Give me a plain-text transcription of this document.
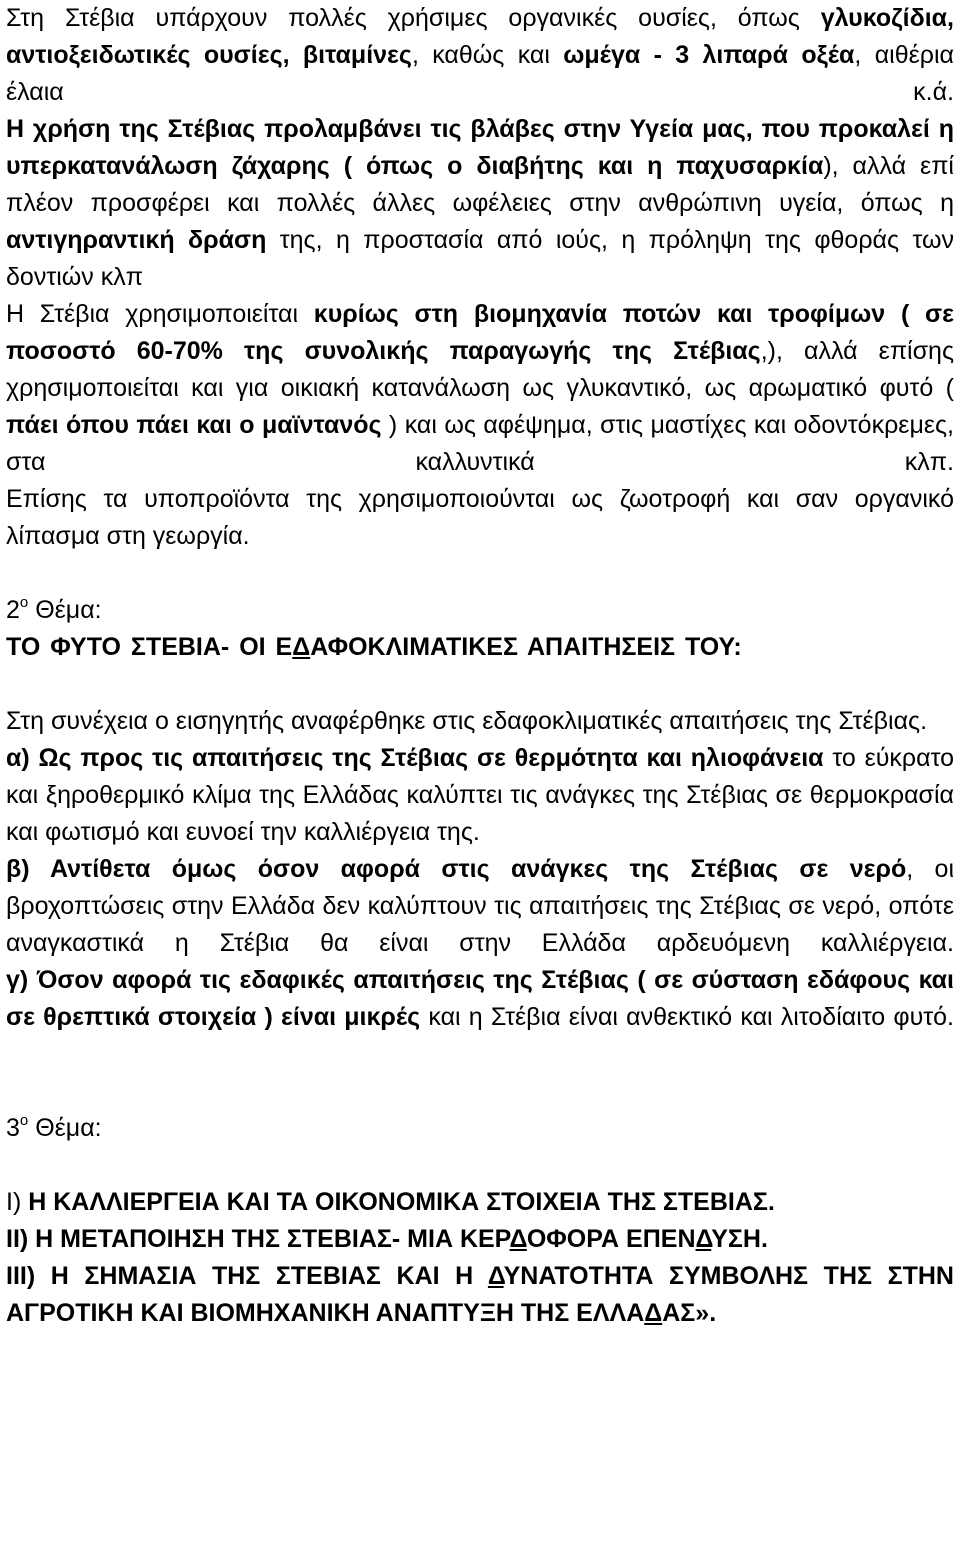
Στη Στέβια υπάρχουν πολλές χρήσιμες οργανικές ουσίες, όπως γλυκοζίδια, αντιοξειδωτικές ουσίες, βιταμίνες, καθώς και ωμέγα - 3 λιπαρά οξέα, αιθέρια έλαια κ.ά.

Η χρήση της Στέβιας προλαμβάνει τις βλάβες στην Υγεία μας, που προκαλεί η υπερκατανάλωση ζάχαρης ( όπως ο διαβήτης και η παχυσαρκία), αλλά επί πλέον προσφέρει και πολλές άλλες ωφέλειες στην ανθρώπινη υγεία, όπως η αντιγηραντική δράση της, η προστασία από ιούς, η πρόληψη της φθοράς των δοντιών κλπ

Η Στέβια χρησιμοποιείται κυρίως στη βιομηχανία ποτών και τροφίμων ( σε ποσοστό 60-70% της συνολικής παραγωγής της Στέβιας,), αλλά επίσης χρησιμοποιείται και για οικιακή κατανάλωση ως γλυκαντικό, ως αρωματικό φυτό ( πάει όπου πάει και ο μαϊντανός ) και ως αφέψημα, στις μαστίχες και οδοντόκρεμες, στα καλλυντικά κλπ.

Επίσης τα υποπροϊόντα της χρησιμοποιούνται ως ζωοτροφή και σαν οργανικό λίπασμα στη γεωργία.

$2^o$ Θέμα:

ΤΟ ΦΥΤΟ ΣΤΕΒΙΑ- ΟΙ ΕΔΑΦΟΚΛΙΜΑΤΙΚΕΣ ΑΠΑΙΤΗΣΕΙΣ ΤΟΥ:

Στη συνέχεια ο εισηγητής αναφέρθηκε στις εδαφοκλιματικές απαιτήσεις της Στέβιας.

α) Ως προς τις απαιτήσεις της Στέβιας σε θερμότητα και ηλιοφάνεια το εύκρατο και ξηροθερμικό κλίμα της Ελλάδας καλύπτει τις ανάγκες της Στέβιας σε θερμοκρασία και φωτισμό και ευνοεί την καλλιέργεια της.

β) Αντίθετα όμως όσον αφορά στις ανάγκες της Στέβιας σε νερό, οι βροχοπτώσεις στην Ελλάδα δεν καλύπτουν τις απαιτήσεις της Στέβιας σε νερό, οπότε αναγκαστικά η Στέβια θα είναι στην Ελλάδα αρδευόμενη καλλιέργεια.

γ) Όσον αφορά τις εδαφικές απαιτήσεις της Στέβιας ( σε σύσταση εδάφους και σε θρεπτικά στοιχεία ) είναι μικρές και η Στέβια είναι ανθεκτικό και λιτοδίαιτο φυτό.

$3^o$ Θέμα:

Ι) Η ΚΑΛΛΙΕΡΓΕΙΑ ΚΑΙ ΤΑ ΟΙΚΟΝΟΜΙΚΑ ΣΤΟΙΧΕΙΑ ΤΗΣ ΣΤΕΒΙΑΣ.

ΙΙ) Η ΜΕΤΑΠΟΙΗΣΗ ΤΗΣ ΣΤΕΒΙΑΣ- ΜΙΑ ΚΕΡΔΟΦΟΡΑ ΕΠΕΝΔΥΣΗ.

ΙΙΙ) Η ΣΗΜΑΣΙΑ ΤΗΣ ΣΤΕΒΙΑΣ ΚΑΙ Η ΔΥΝΑΤΟΤΗΤΑ ΣΥΜΒΟΛΗΣ ΤΗΣ ΣΤΗΝ ΑΓΡΟΤΙΚΗ ΚΑΙ ΒΙΟΜΗΧΑΝΙΚΗ ΑΝΑΠΤΥΞΗ ΤΗΣ ΕΛΛΑΔΑΣ».
